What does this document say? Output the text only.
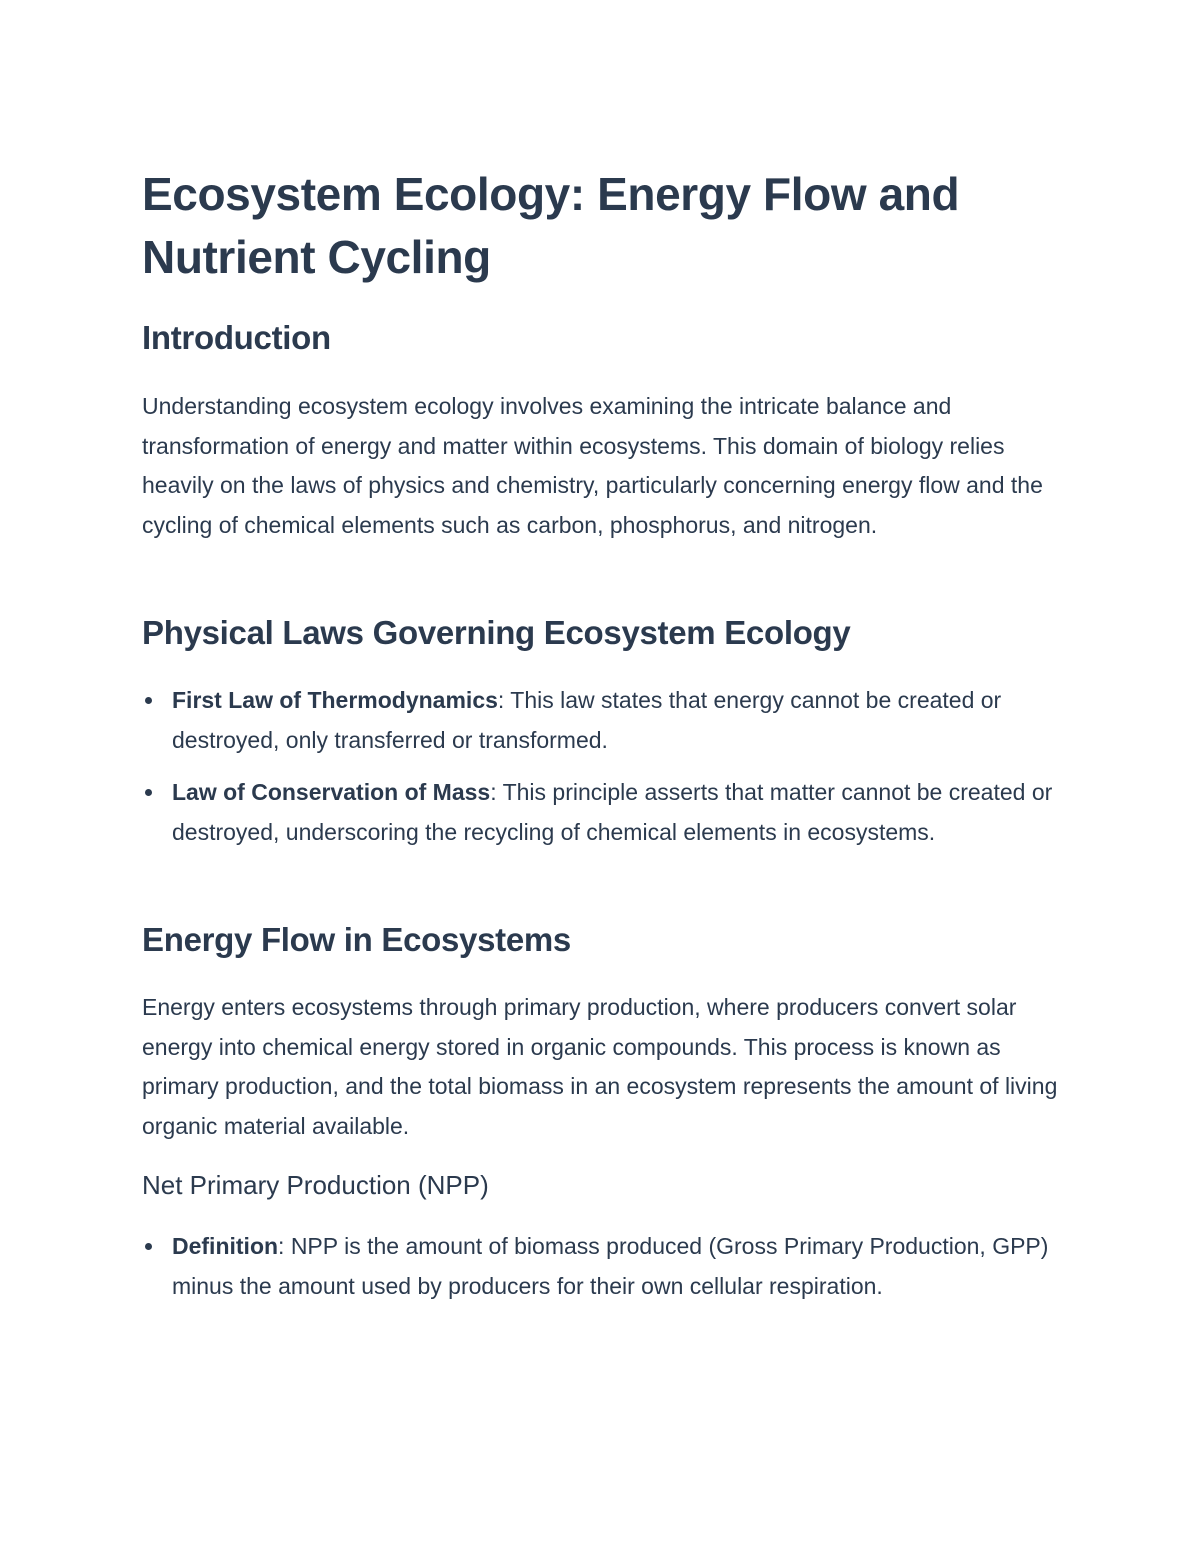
Ecosystem Ecology: Energy Flow and Nutrient Cycling
Introduction

Understanding ecosystem ecology involves examining the intricate balance and transformation of energy and matter within ecosystems. This domain of biology relies heavily on the laws of physics and chemistry, particularly concerning energy flow and the cycling of chemical elements such as carbon, phosphorus, and nitrogen.

Physical Laws Governing Ecosystem Ecology
First Law of Thermodynamics: This law states that energy cannot be created or destroyed, only transferred or transformed.
Law of Conservation of Mass: This principle asserts that matter cannot be created or destroyed, underscoring the recycling of chemical elements in ecosystems.
Energy Flow in Ecosystems

Energy enters ecosystems through primary production, where producers convert solar energy into chemical energy stored in organic compounds. This process is known as primary production, and the total biomass in an ecosystem represents the amount of living organic material available.

Net Primary Production (NPP)
Definition: NPP is the amount of biomass produced (Gross Primary Production, GPP) minus the amount used by producers for their own cellular respiration.
